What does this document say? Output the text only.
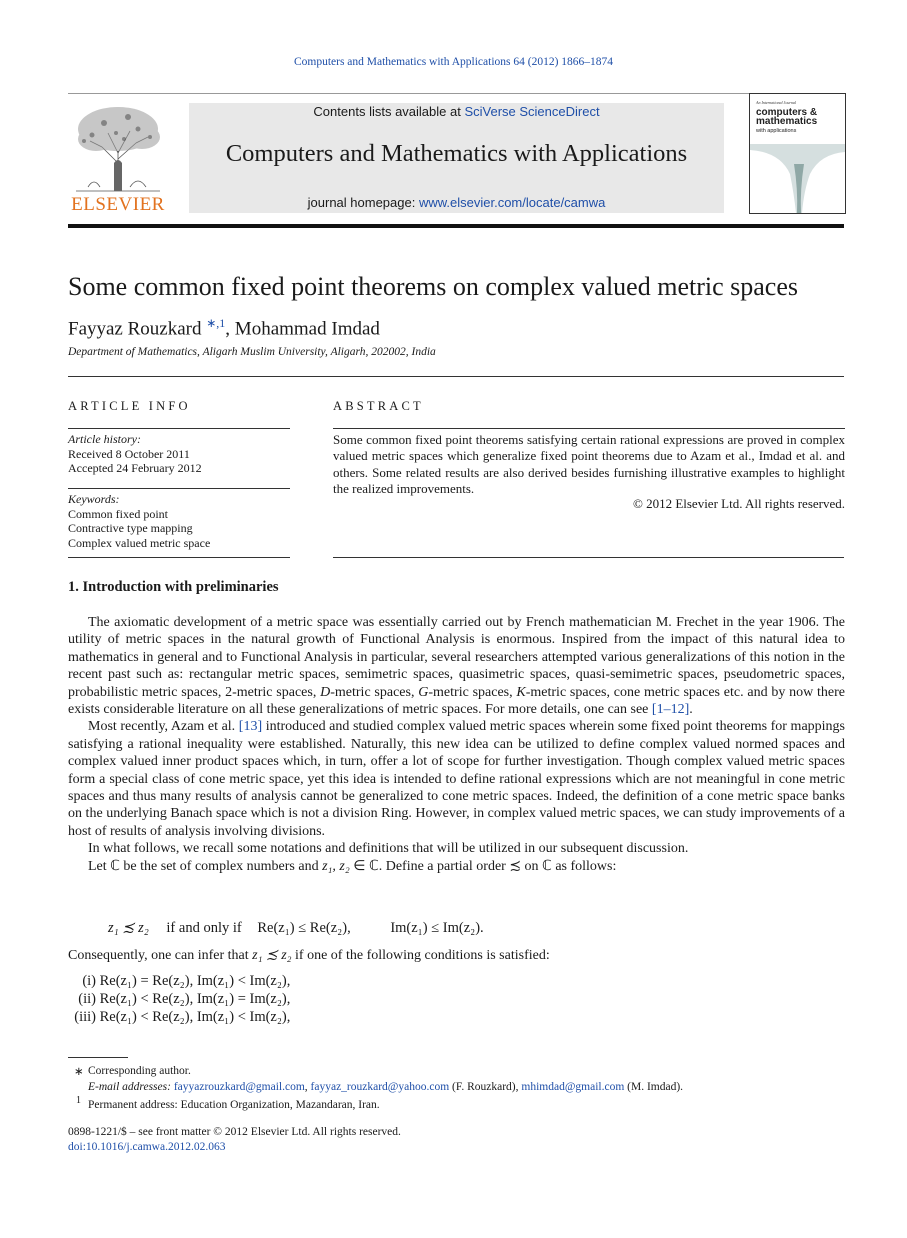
Computers and Mathematics with Applications 64 (2012) 1866–1874
ELSEVIER
Contents lists available at SciVerse ScienceDirect
Computers and Mathematics with Applications
journal homepage: www.elsevier.com/locate/camwa
An International Journal
computers & mathematics
with applications
Some common fixed point theorems on complex valued metric spaces
Fayyaz Rouzkard $^{∗,1}$, Mohammad Imdad
Department of Mathematics, Aligarh Muslim University, Aligarh, 202002, India
ARTICLE INFO
Article history:
Received 8 October 2011
Accepted 24 February 2012
Keywords:
Common fixed point
Contractive type mapping
Complex valued metric space
ABSTRACT
Some common fixed point theorems satisfying certain rational expressions are proved in complex valued metric spaces which generalize fixed point theorems due to Azam et al., Imdad et al. and others. Some related results are also derived besides furnishing illustrative examples to highlight the realized improvements.
© 2012 Elsevier Ltd. All rights reserved.
1. Introduction with preliminaries

The axiomatic development of a metric space was essentially carried out by French mathematician M. Frechet in the year 1906. The utility of metric spaces in the natural growth of Functional Analysis is enormous. Inspired from the impact of this natural idea to mathematics in general and to Functional Analysis in particular, several researchers attempted various generalizations of this notion in the recent past such as: rectangular metric spaces, semimetric spaces, quasimetric spaces, quasi-semimetric spaces, pseudometric spaces, probabilistic metric spaces, 2-metric spaces, D-metric spaces, G-metric spaces, K-metric spaces, cone metric spaces etc. and by now there exists considerable literature on all these generalizations of metric spaces. For more details, one can see [1–12].

Most recently, Azam et al. [13] introduced and studied complex valued metric spaces wherein some fixed point theorems for mappings satisfying a rational inequality were established. Naturally, this new idea can be utilized to define complex valued normed spaces and complex valued inner product spaces which, in turn, offer a lot of scope for further investigation. Though complex valued metric spaces form a special class of cone metric space, yet this idea is intended to define rational expressions which are not meaningful in cone metric spaces and thus many results of analysis cannot be generalized to cone metric spaces. Indeed, the definition of a cone metric space banks on the underlying Banach space which is not a division Ring. However, in complex valued metric spaces, we can study improvements of a host of results of analysis involving divisions.

In what follows, we recall some notations and definitions that will be utilized in our subsequent discussion.

Let ℂ be the set of complex numbers and z₁, z₂ ∈ ℂ. Define a partial order ≾ on ℂ as follows:

z₁ ≾ z₂ if and only if Re(z₁) ≤ Re(z₂),	Im(z₁) ≤ Im(z₂).
Consequently, one can infer that z₁ ≾ z₂ if one of the following conditions is satisfied:
(i) Re(z₁) = Re(z₂), Im(z₁) < Im(z₂),
(ii) Re(z₁) < Re(z₂), Im(z₁) = Im(z₂),
(iii) Re(z₁) < Re(z₂), Im(z₁) < Im(z₂),
∗ Corresponding author.
E-mail addresses: fayyazrouzkard@gmail.com, fayyaz_rouzkard@yahoo.com (F. Rouzkard), mhimdad@gmail.com (M. Imdad).
1 Permanent address: Education Organization, Mazandaran, Iran.
0898-1221/$ – see front matter © 2012 Elsevier Ltd. All rights reserved.
doi:10.1016/j.camwa.2012.02.063
